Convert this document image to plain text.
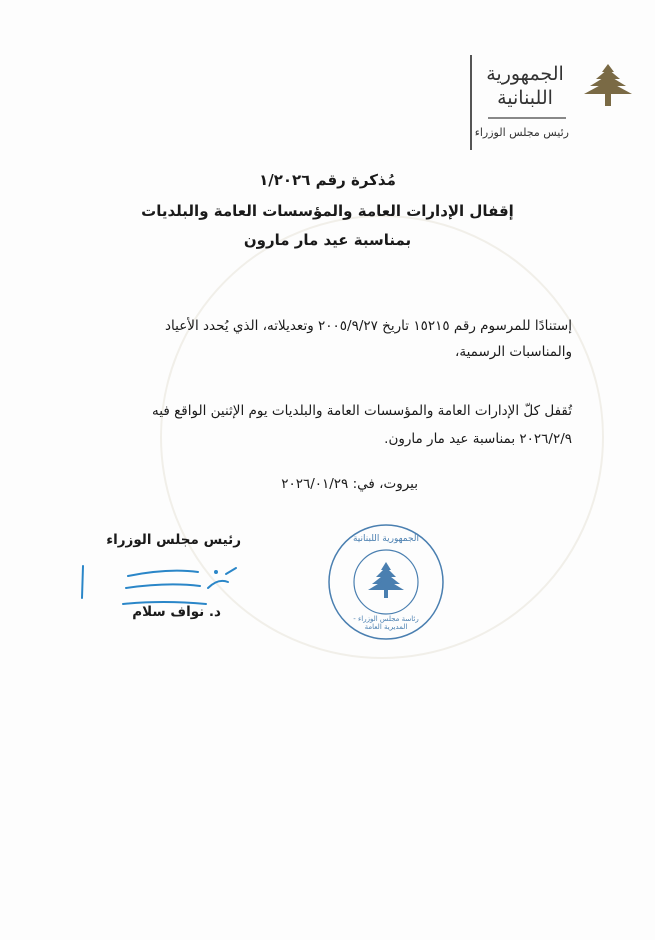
الجمهورية اللبنانية
رئيس مجلس الوزراء
مُذكرة رقم ١/٢٠٢٦
إقفال الإدارات العامة والمؤسسات العامة والبلديات
بمناسبة عيد مار مارون
إستنادًا للمرسوم رقم ١٥٢١٥ تاريخ ٢٠٠٥/٩/٢٧ وتعديلاته، الذي يُحدد الأعياد
والمناسبات الرسمية،
تُقفل كلّ الإدارات العامة والمؤسسات العامة والبلديات يوم الإثنين الواقع فيه
٢٠٢٦/٢/٩ بمناسبة عيد مار مارون.
بيروت، في: ٢٠٢٦/٠١/٢٩
رئيس مجلس الوزراء
د. نواف سلام
الجمهورية اللبنانية
رئاسة مجلس الوزراء - المديرية العامة
